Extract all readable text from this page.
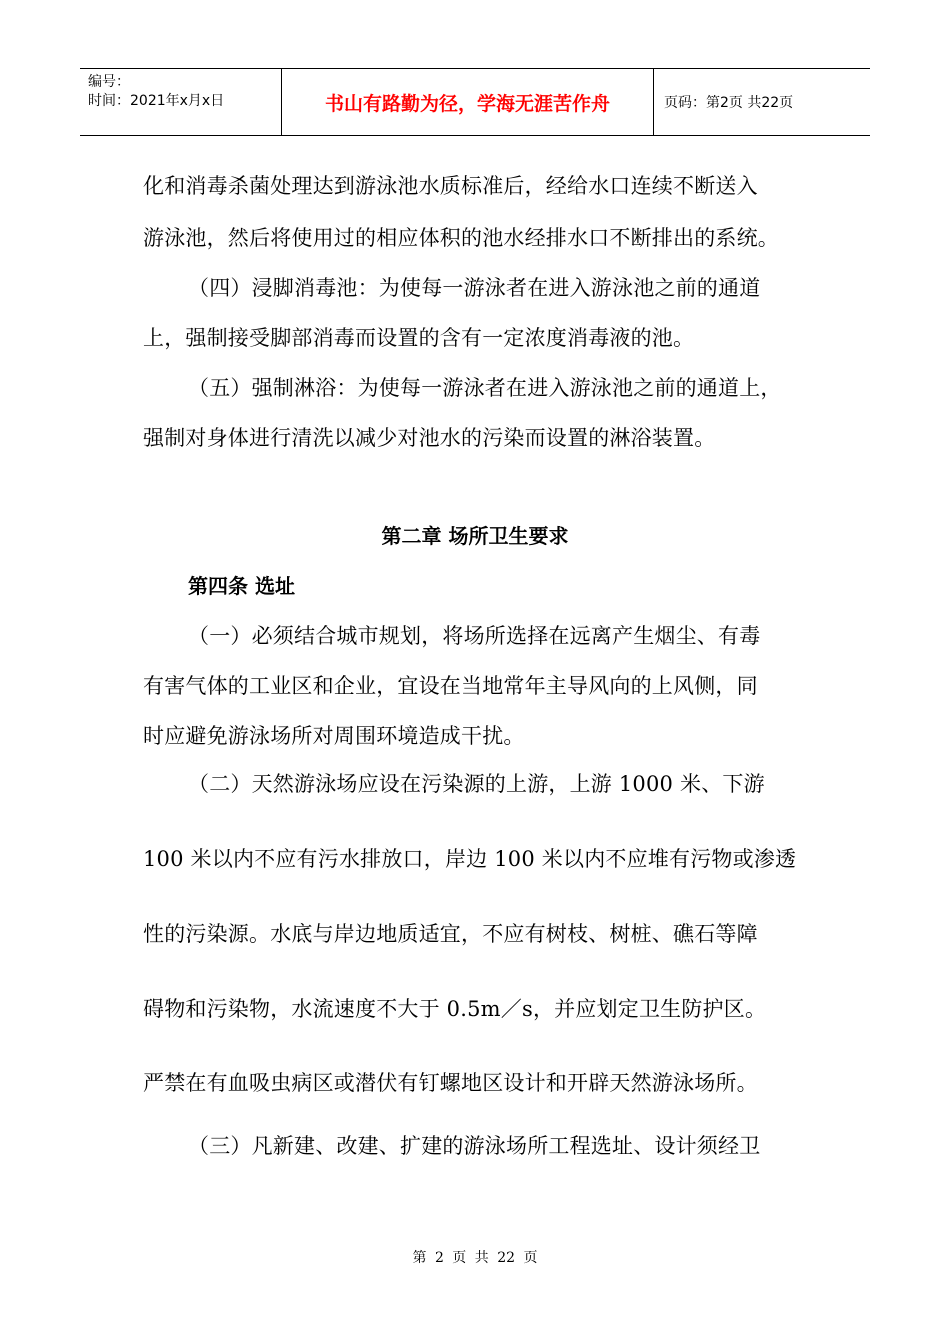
编号：
时间：2021年x月x日	书山有路勤为径，学海无涯苦作舟	页码：第2页 共22页
化和消毒杀菌处理达到游泳池水质标准后，经给水口连续不断送入
游泳池，然后将使用过的相应体积的池水经排水口不断排出的系统。
（四）浸脚消毒池：为使每一游泳者在进入游泳池之前的通道
上，强制接受脚部消毒而设置的含有一定浓度消毒液的池。
（五）强制淋浴：为使每一游泳者在进入游泳池之前的通道上，
强制对身体进行清洗以减少对池水的污染而设置的淋浴装置。
第二章 场所卫生要求
第四条 选址
（一）必须结合城市规划，将场所选择在远离产生烟尘、有毒
有害气体的工业区和企业，宜设在当地常年主导风向的上风侧，同
时应避免游泳场所对周围环境造成干扰。
（二）天然游泳场应设在污染源的上游，上游 1000 米、下游
100 米以内不应有污水排放口，岸边 100 米以内不应堆有污物或渗透
性的污染源。水底与岸边地质适宜，不应有树枝、树桩、礁石等障
碍物和污染物，水流速度不大于 0.5m／s，并应划定卫生防护区。
严禁在有血吸虫病区或潜伏有钉螺地区设计和开辟天然游泳场所。
（三）凡新建、改建、扩建的游泳场所工程选址、设计须经卫
第 2 页 共 22 页
